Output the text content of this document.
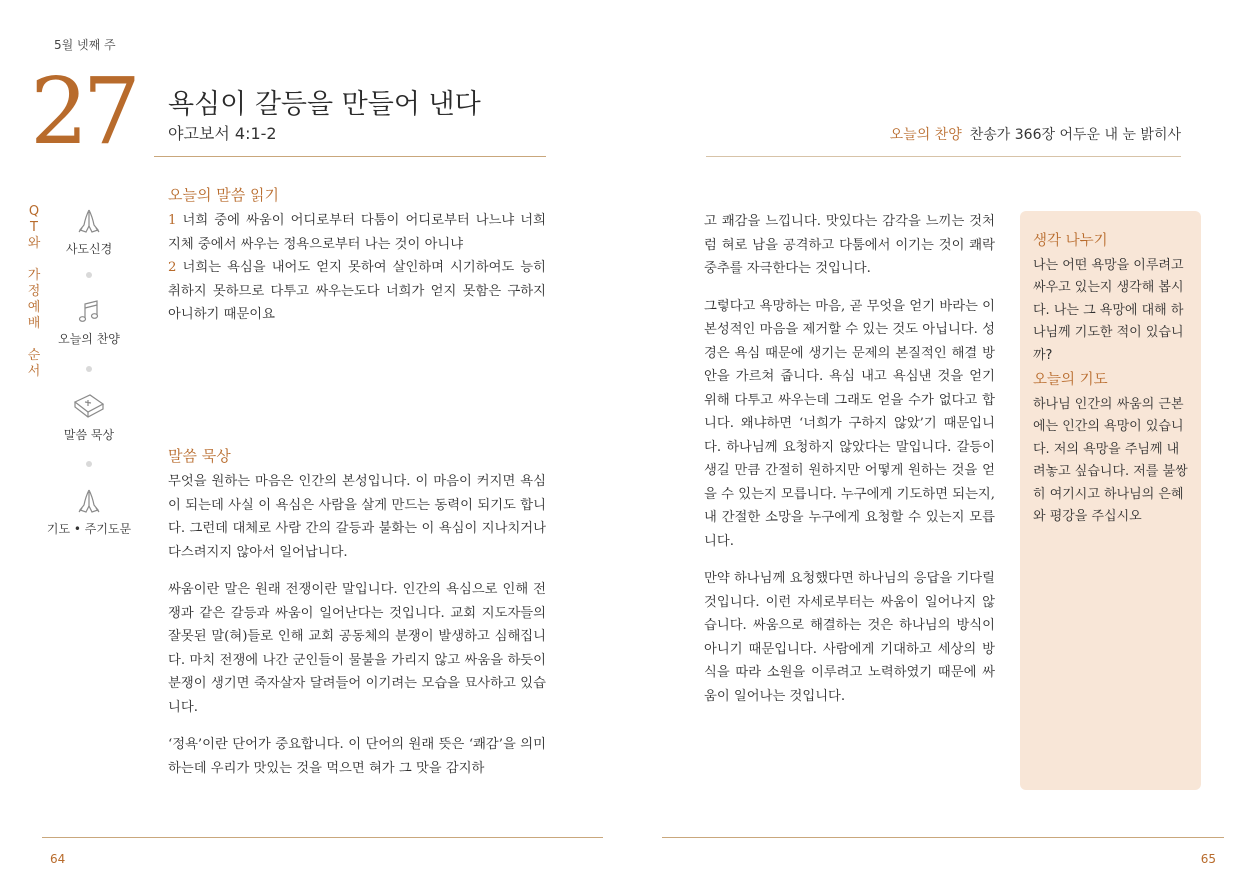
5월 넷째 주
27 욕심이 갈등을 만들어 낸다
야고보서 4:1-2	오늘의 찬양 찬송가 366장 어두운 내 눈 밝히사
Q
T
와
가
정
예
배
순
서
사도신경
오늘의 찬양
말씀 묵상
기도 • 주기도문
오늘의 말씀 읽기

1 너희 중에 싸움이 어디로부터 다툼이 어디로부터 나느냐 너희 지체 중에서 싸우는 정욕으로부터 나는 것이 아니냐
2 너희는 욕심을 내어도 얻지 못하여 살인하며 시기하여도 능히 취하지 못하므로 다투고 싸우는도다 너희가 얻지 못함은 구하지 아니하기 때문이요

말씀 묵상

무엇을 원하는 마음은 인간의 본성입니다. 이 마음이 커지면 욕심이 되는데 사실 이 욕심은 사람을 살게 만드는 동력이 되기도 합니다. 그런데 대체로 사람 간의 갈등과 불화는 이 욕심이 지나치거나 다스려지지 않아서 일어납니다.

싸움이란 말은 원래 전쟁이란 말입니다. 인간의 욕심으로 인해 전쟁과 같은 갈등과 싸움이 일어난다는 것입니다. 교회 지도자들의 잘못된 말(혀)들로 인해 교회 공동체의 분쟁이 발생하고 심해집니다. 마치 전쟁에 나간 군인들이 물불을 가리지 않고 싸움을 하듯이 분쟁이 생기면 죽자살자 달려들어 이기려는 모습을 묘사하고 있습니다.

‘정욕’이란 단어가 중요합니다. 이 단어의 원래 뜻은 ‘쾌감’을 의미하는데 우리가 맛있는 것을 먹으면 혀가 그 맛을 감지하

고 쾌감을 느낍니다. 맛있다는 감각을 느끼는 것처럼 혀로 남을 공격하고 다툼에서 이기는 것이 쾌락중추를 자극한다는 것입니다.

그렇다고 욕망하는 마음, 곧 무엇을 얻기 바라는 이 본성적인 마음을 제거할 수 있는 것도 아닙니다. 성경은 욕심 때문에 생기는 문제의 본질적인 해결 방안을 가르쳐 줍니다. 욕심 내고 욕심낸 것을 얻기 위해 다투고 싸우는데 그래도 얻을 수가 없다고 합니다. 왜냐하면 ‘너희가 구하지 않았’기 때문입니다. 하나님께 요청하지 않았다는 말입니다. 갈등이 생길 만큼 간절히 원하지만 어떻게 원하는 것을 얻을 수 있는지 모릅니다. 누구에게 기도하면 되는지, 내 간절한 소망을 누구에게 요청할 수 있는지 모릅니다.

만약 하나님께 요청했다면 하나님의 응답을 기다릴 것입니다. 이런 자세로부터는 싸움이 일어나지 않습니다. 싸움으로 해결하는 것은 하나님의 방식이 아니기 때문입니다. 사람에게 기대하고 세상의 방식을 따라 소원을 이루려고 노력하였기 때문에 싸움이 일어나는 것입니다.

생각 나누기
나는 어떤 욕망을 이루려고 싸우고 있는지 생각해 봅시다. 나는 그 욕망에 대해 하나님께 기도한 적이 있습니까?
오늘의 기도
하나님 인간의 싸움의 근본에는 인간의 욕망이 있습니다. 저의 욕망을 주님께 내려놓고 싶습니다. 저를 불쌍히 여기시고 하나님의 은혜와 평강을 주십시오
64	65
